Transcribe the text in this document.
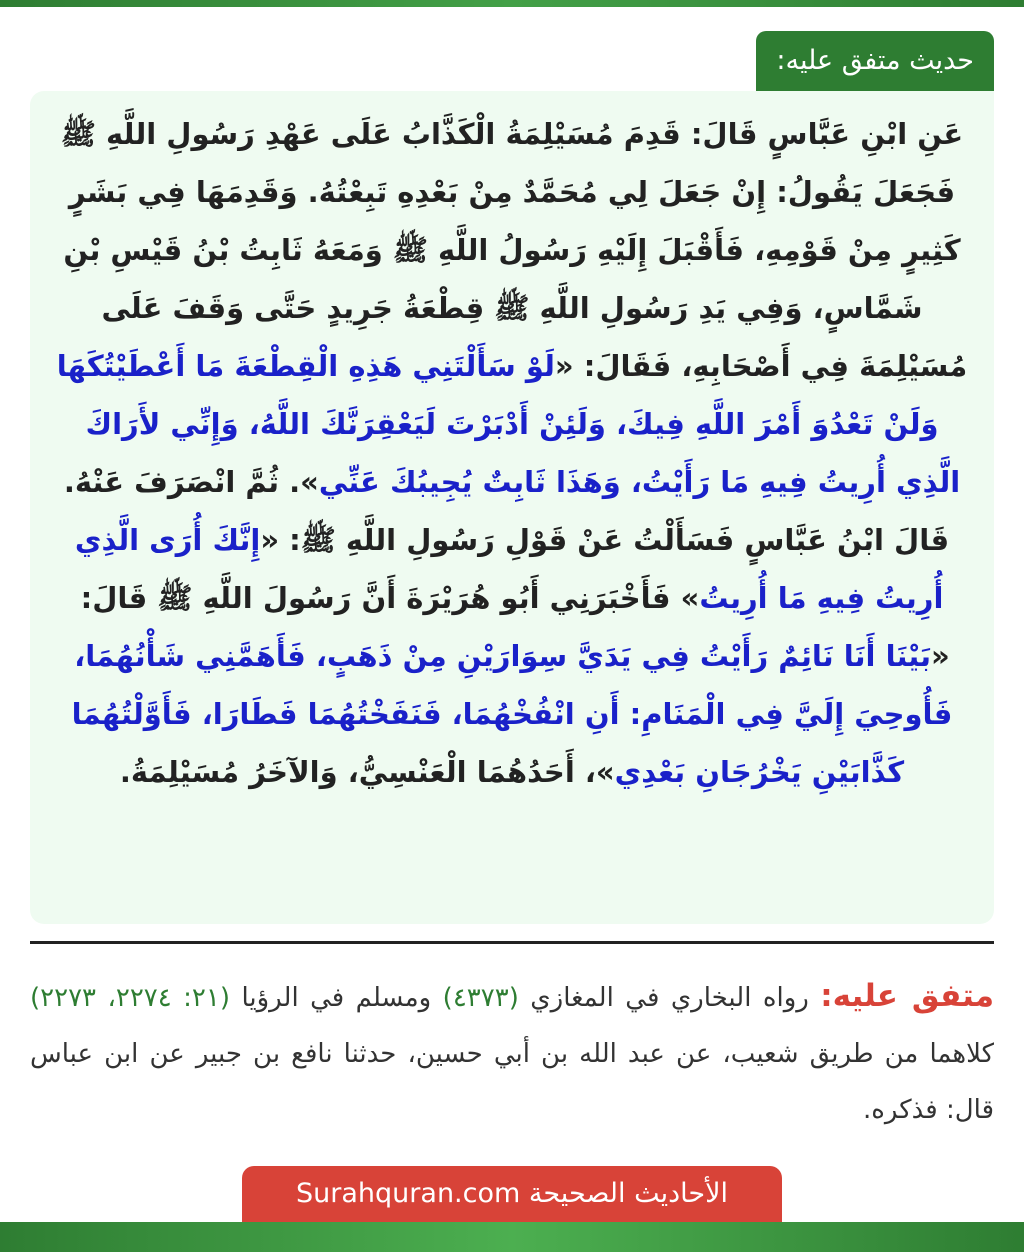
حديث متفق عليه:

عَنِ ابْنِ عَبَّاسٍ قَالَ: قَدِمَ مُسَيْلِمَةُ الْكَذَّابُ عَلَى عَهْدِ رَسُولِ اللَّهِ ﷺ فَجَعَلَ يَقُولُ: إِنْ جَعَلَ لِي مُحَمَّدٌ مِنْ بَعْدِهِ تَبِعْتُهُ. وَقَدِمَهَا فِي بَشَرٍ كَثِيرٍ مِنْ قَوْمِهِ، فَأَقْبَلَ إِلَيْهِ رَسُولُ اللَّهِ ﷺ وَمَعَهُ ثَابِتُ بْنُ قَيْسِ بْنِ شَمَّاسٍ، وَفِي يَدِ رَسُولِ اللَّهِ ﷺ قِطْعَةُ جَرِيدٍ حَتَّى وَقَفَ عَلَى مُسَيْلِمَةَ فِي أَصْحَابِهِ، فَقَالَ: «لَوْ سَأَلْتَنِي هَذِهِ الْقِطْعَةَ مَا أَعْطَيْتُكَهَا وَلَنْ تَعْدُوَ أَمْرَ اللَّهِ فِيكَ، وَلَئِنْ أَدْبَرْتَ لَيَعْقِرَنَّكَ اللَّهُ، وَإِنِّي لأَرَاكَ الَّذِي أُرِيتُ فِيهِ مَا رَأَيْتُ، وَهَذَا ثَابِتٌ يُجِيبُكَ عَنِّي». ثُمَّ انْصَرَفَ عَنْهُ.

قَالَ ابْنُ عَبَّاسٍ فَسَأَلْتُ عَنْ قَوْلِ رَسُولِ اللَّهِ ﷺ: «إِنَّكَ أُرَى الَّذِي أُرِيتُ فِيهِ مَا أُرِيتُ» فَأَخْبَرَنِي أَبُو هُرَيْرَةَ أَنَّ رَسُولَ اللَّهِ ﷺ قَالَ: «بَيْنَا أَنَا نَائِمٌ رَأَيْتُ فِي يَدَيَّ سِوَارَيْنِ مِنْ ذَهَبٍ، فَأَهَمَّنِي شَأْنُهُمَا، فَأُوحِيَ إِلَيَّ فِي الْمَنَامِ: أَنِ انْفُخْهُمَا، فَنَفَخْتُهُمَا فَطَارَا، فَأَوَّلْتُهُمَا كَذَّابَيْنِ يَخْرُجَانِ بَعْدِي»، أَحَدُهُمَا الْعَنْسِيُّ، وَالآخَرُ مُسَيْلِمَةُ.

متفق عليه: رواه البخاري في المغازي (٤٣٧٣) ومسلم في الرؤيا (٢١: ٢٢٧٤، ٢٢٧٣) كلاهما من طريق شعيب، عن عبد الله بن أبي حسين، حدثنا نافع بن جبير عن ابن عباس قال: فذكره.
الأحاديث الصحيحة Surahquran.com
